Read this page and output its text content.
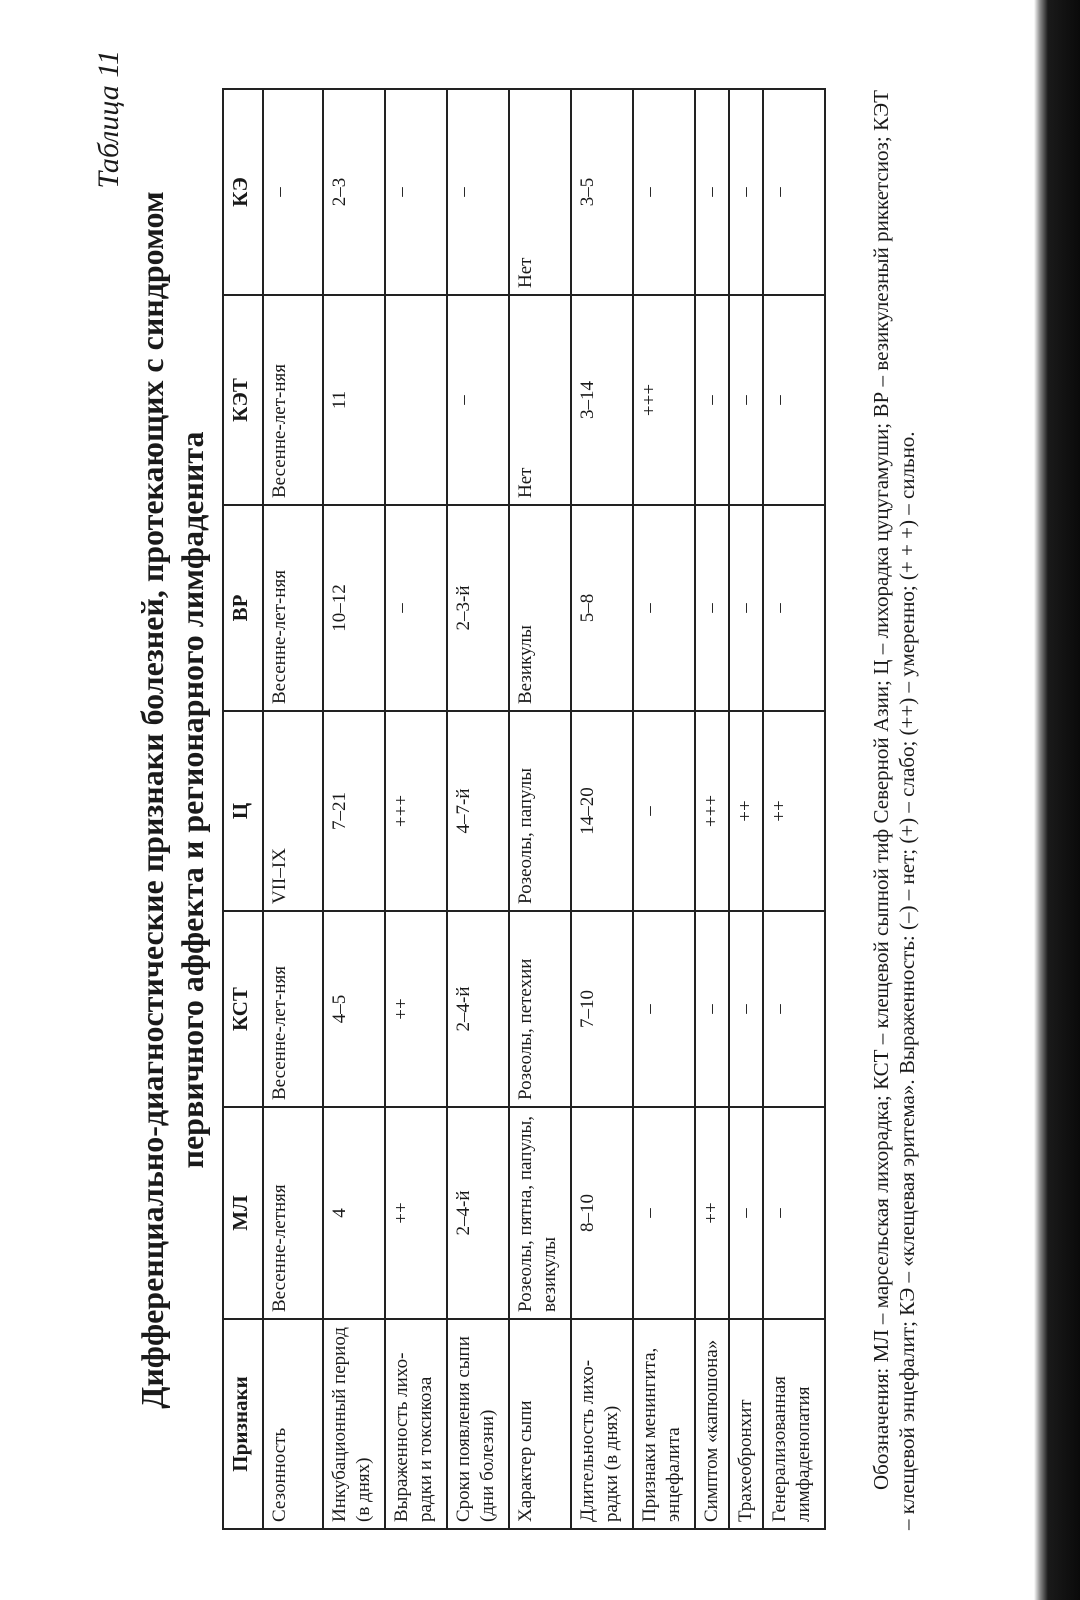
Таблица 11
Дифференциально-диагностические признаки болезней, протекающих с синдромом первичного аффекта и регионарного лимфаденита
Признаки	МЛ	КСТ	Ц	ВР	КЭТ	КЭ
Сезонность	Весенне-летняя	Весенне-лет-няя	VII–IX	Весенне-лет-няя	Весенне-лет-няя	–
Инкубационный период (в днях)	4	4–5	7–21	10–12	11	2–3
Выраженность лихо-радки и токсикоза	++	++	+++	–		–
Сроки появления сыпи (дни болезни)	2–4-й	2–4-й	4–7-й	2–3-й	–	–
Характер сыпи	Розеолы, пятна, папулы, везикулы	Розеолы, петехии	Розеолы, папулы	Везикулы	Нет	Нет
Длительность лихо-радки (в днях)	8–10	7–10	14–20	5–8	3–14	3–5
Признаки менингита, энцефалита	–	–	–	–	+++	–
Симптом «капюшона»	++	–	+++	–	–	–
Трахеобронхит	–	–	++	–	–	–
Генерализованная лимфаденопатия	–	–	++	–	–	–	Обозначения: МЛ – марсельская лихорадка; КСТ – клещевой сыпной тиф Северной Азии; Ц – лихорадка цуцугамуши; ВР – везикулезный риккетсиоз; КЭТ – клещевой энцефалит; КЭ – «клещевая эритема». Выраженность: (–) – нет; (+) – слабо; (++) – умеренно; (+ + +) – сильно.
